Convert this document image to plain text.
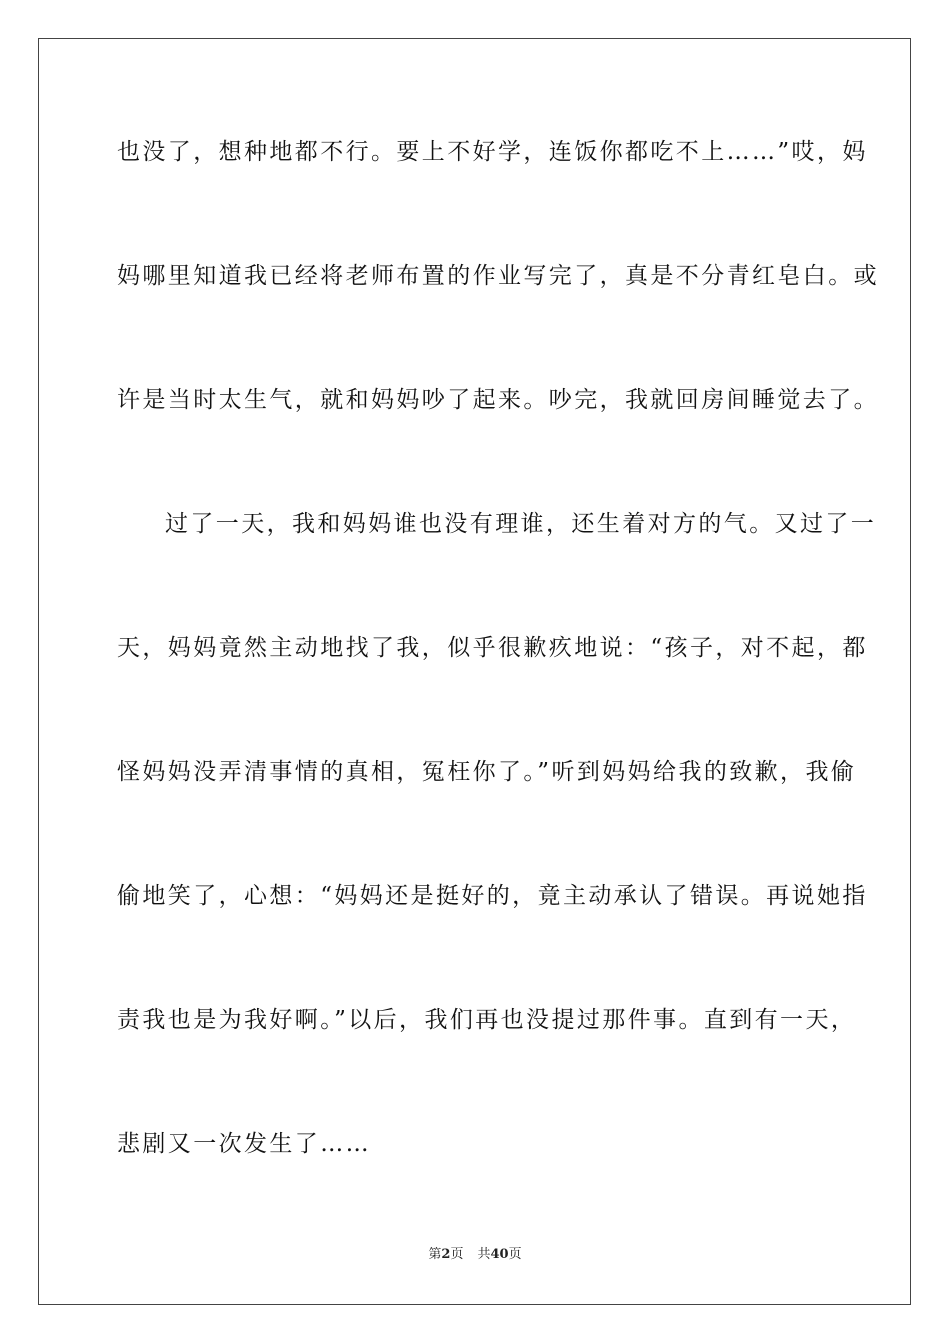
也没了，想种地都不行。要上不好学，连饭你都吃不上……”哎，妈
妈哪里知道我已经将老师布置的作业写完了，真是不分青红皂白。或
许是当时太生气，就和妈妈吵了起来。吵完，我就回房间睡觉去了。
过了一天，我和妈妈谁也没有理谁，还生着对方的气。又过了一
天，妈妈竟然主动地找了我，似乎很歉疚地说：“孩子，对不起，都
怪妈妈没弄清事情的真相，冤枉你了。”听到妈妈给我的致歉，我偷
偷地笑了，心想：“妈妈还是挺好的，竟主动承认了错误。再说她指
责我也是为我好啊。”以后，我们再也没提过那件事。直到有一天，
悲剧又一次发生了……
第2页 共40页
